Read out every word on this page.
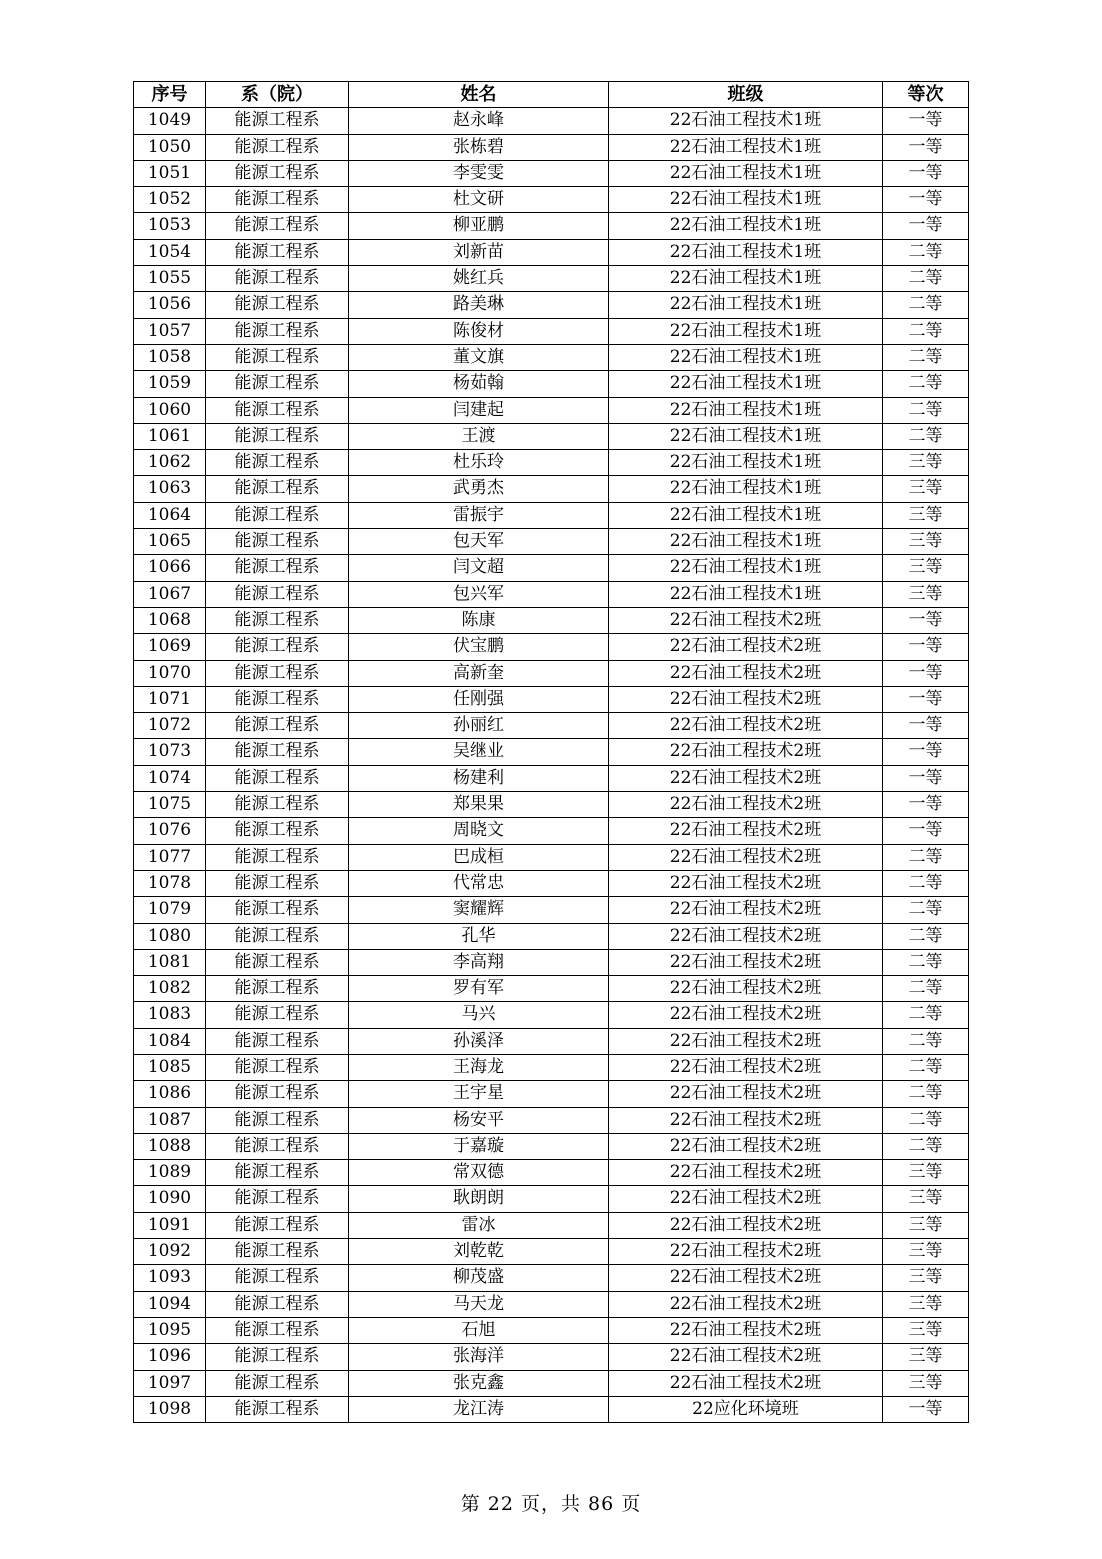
序号	系（院）	姓名	班级	等次
1049	能源工程系	赵永峰	22石油工程技术1班	一等
1050	能源工程系	张栋碧	22石油工程技术1班	一等
1051	能源工程系	李雯雯	22石油工程技术1班	一等
1052	能源工程系	杜文研	22石油工程技术1班	一等
1053	能源工程系	柳亚鹏	22石油工程技术1班	一等
1054	能源工程系	刘新苗	22石油工程技术1班	二等
1055	能源工程系	姚红兵	22石油工程技术1班	二等
1056	能源工程系	路美琳	22石油工程技术1班	二等
1057	能源工程系	陈俊材	22石油工程技术1班	二等
1058	能源工程系	董文旗	22石油工程技术1班	二等
1059	能源工程系	杨茹翰	22石油工程技术1班	二等
1060	能源工程系	闫建起	22石油工程技术1班	二等
1061	能源工程系	王渡	22石油工程技术1班	二等
1062	能源工程系	杜乐玲	22石油工程技术1班	三等
1063	能源工程系	武勇杰	22石油工程技术1班	三等
1064	能源工程系	雷振宇	22石油工程技术1班	三等
1065	能源工程系	包天军	22石油工程技术1班	三等
1066	能源工程系	闫文超	22石油工程技术1班	三等
1067	能源工程系	包兴军	22石油工程技术1班	三等
1068	能源工程系	陈康	22石油工程技术2班	一等
1069	能源工程系	伏宝鹏	22石油工程技术2班	一等
1070	能源工程系	高新奎	22石油工程技术2班	一等
1071	能源工程系	任刚强	22石油工程技术2班	一等
1072	能源工程系	孙丽红	22石油工程技术2班	一等
1073	能源工程系	吴继业	22石油工程技术2班	一等
1074	能源工程系	杨建利	22石油工程技术2班	一等
1075	能源工程系	郑果果	22石油工程技术2班	一等
1076	能源工程系	周晓文	22石油工程技术2班	一等
1077	能源工程系	巴成桓	22石油工程技术2班	二等
1078	能源工程系	代常忠	22石油工程技术2班	二等
1079	能源工程系	窦耀辉	22石油工程技术2班	二等
1080	能源工程系	孔华	22石油工程技术2班	二等
1081	能源工程系	李高翔	22石油工程技术2班	二等
1082	能源工程系	罗有军	22石油工程技术2班	二等
1083	能源工程系	马兴	22石油工程技术2班	二等
1084	能源工程系	孙溪泽	22石油工程技术2班	二等
1085	能源工程系	王海龙	22石油工程技术2班	二等
1086	能源工程系	王宇星	22石油工程技术2班	二等
1087	能源工程系	杨安平	22石油工程技术2班	二等
1088	能源工程系	于嘉璇	22石油工程技术2班	二等
1089	能源工程系	常双德	22石油工程技术2班	三等
1090	能源工程系	耿朗朗	22石油工程技术2班	三等
1091	能源工程系	雷冰	22石油工程技术2班	三等
1092	能源工程系	刘乾乾	22石油工程技术2班	三等
1093	能源工程系	柳茂盛	22石油工程技术2班	三等
1094	能源工程系	马天龙	22石油工程技术2班	三等
1095	能源工程系	石旭	22石油工程技术2班	三等
1096	能源工程系	张海洋	22石油工程技术2班	三等
1097	能源工程系	张克鑫	22石油工程技术2班	三等
1098	能源工程系	龙江涛	22应化环境班	一等
第 22 页，共 86 页
